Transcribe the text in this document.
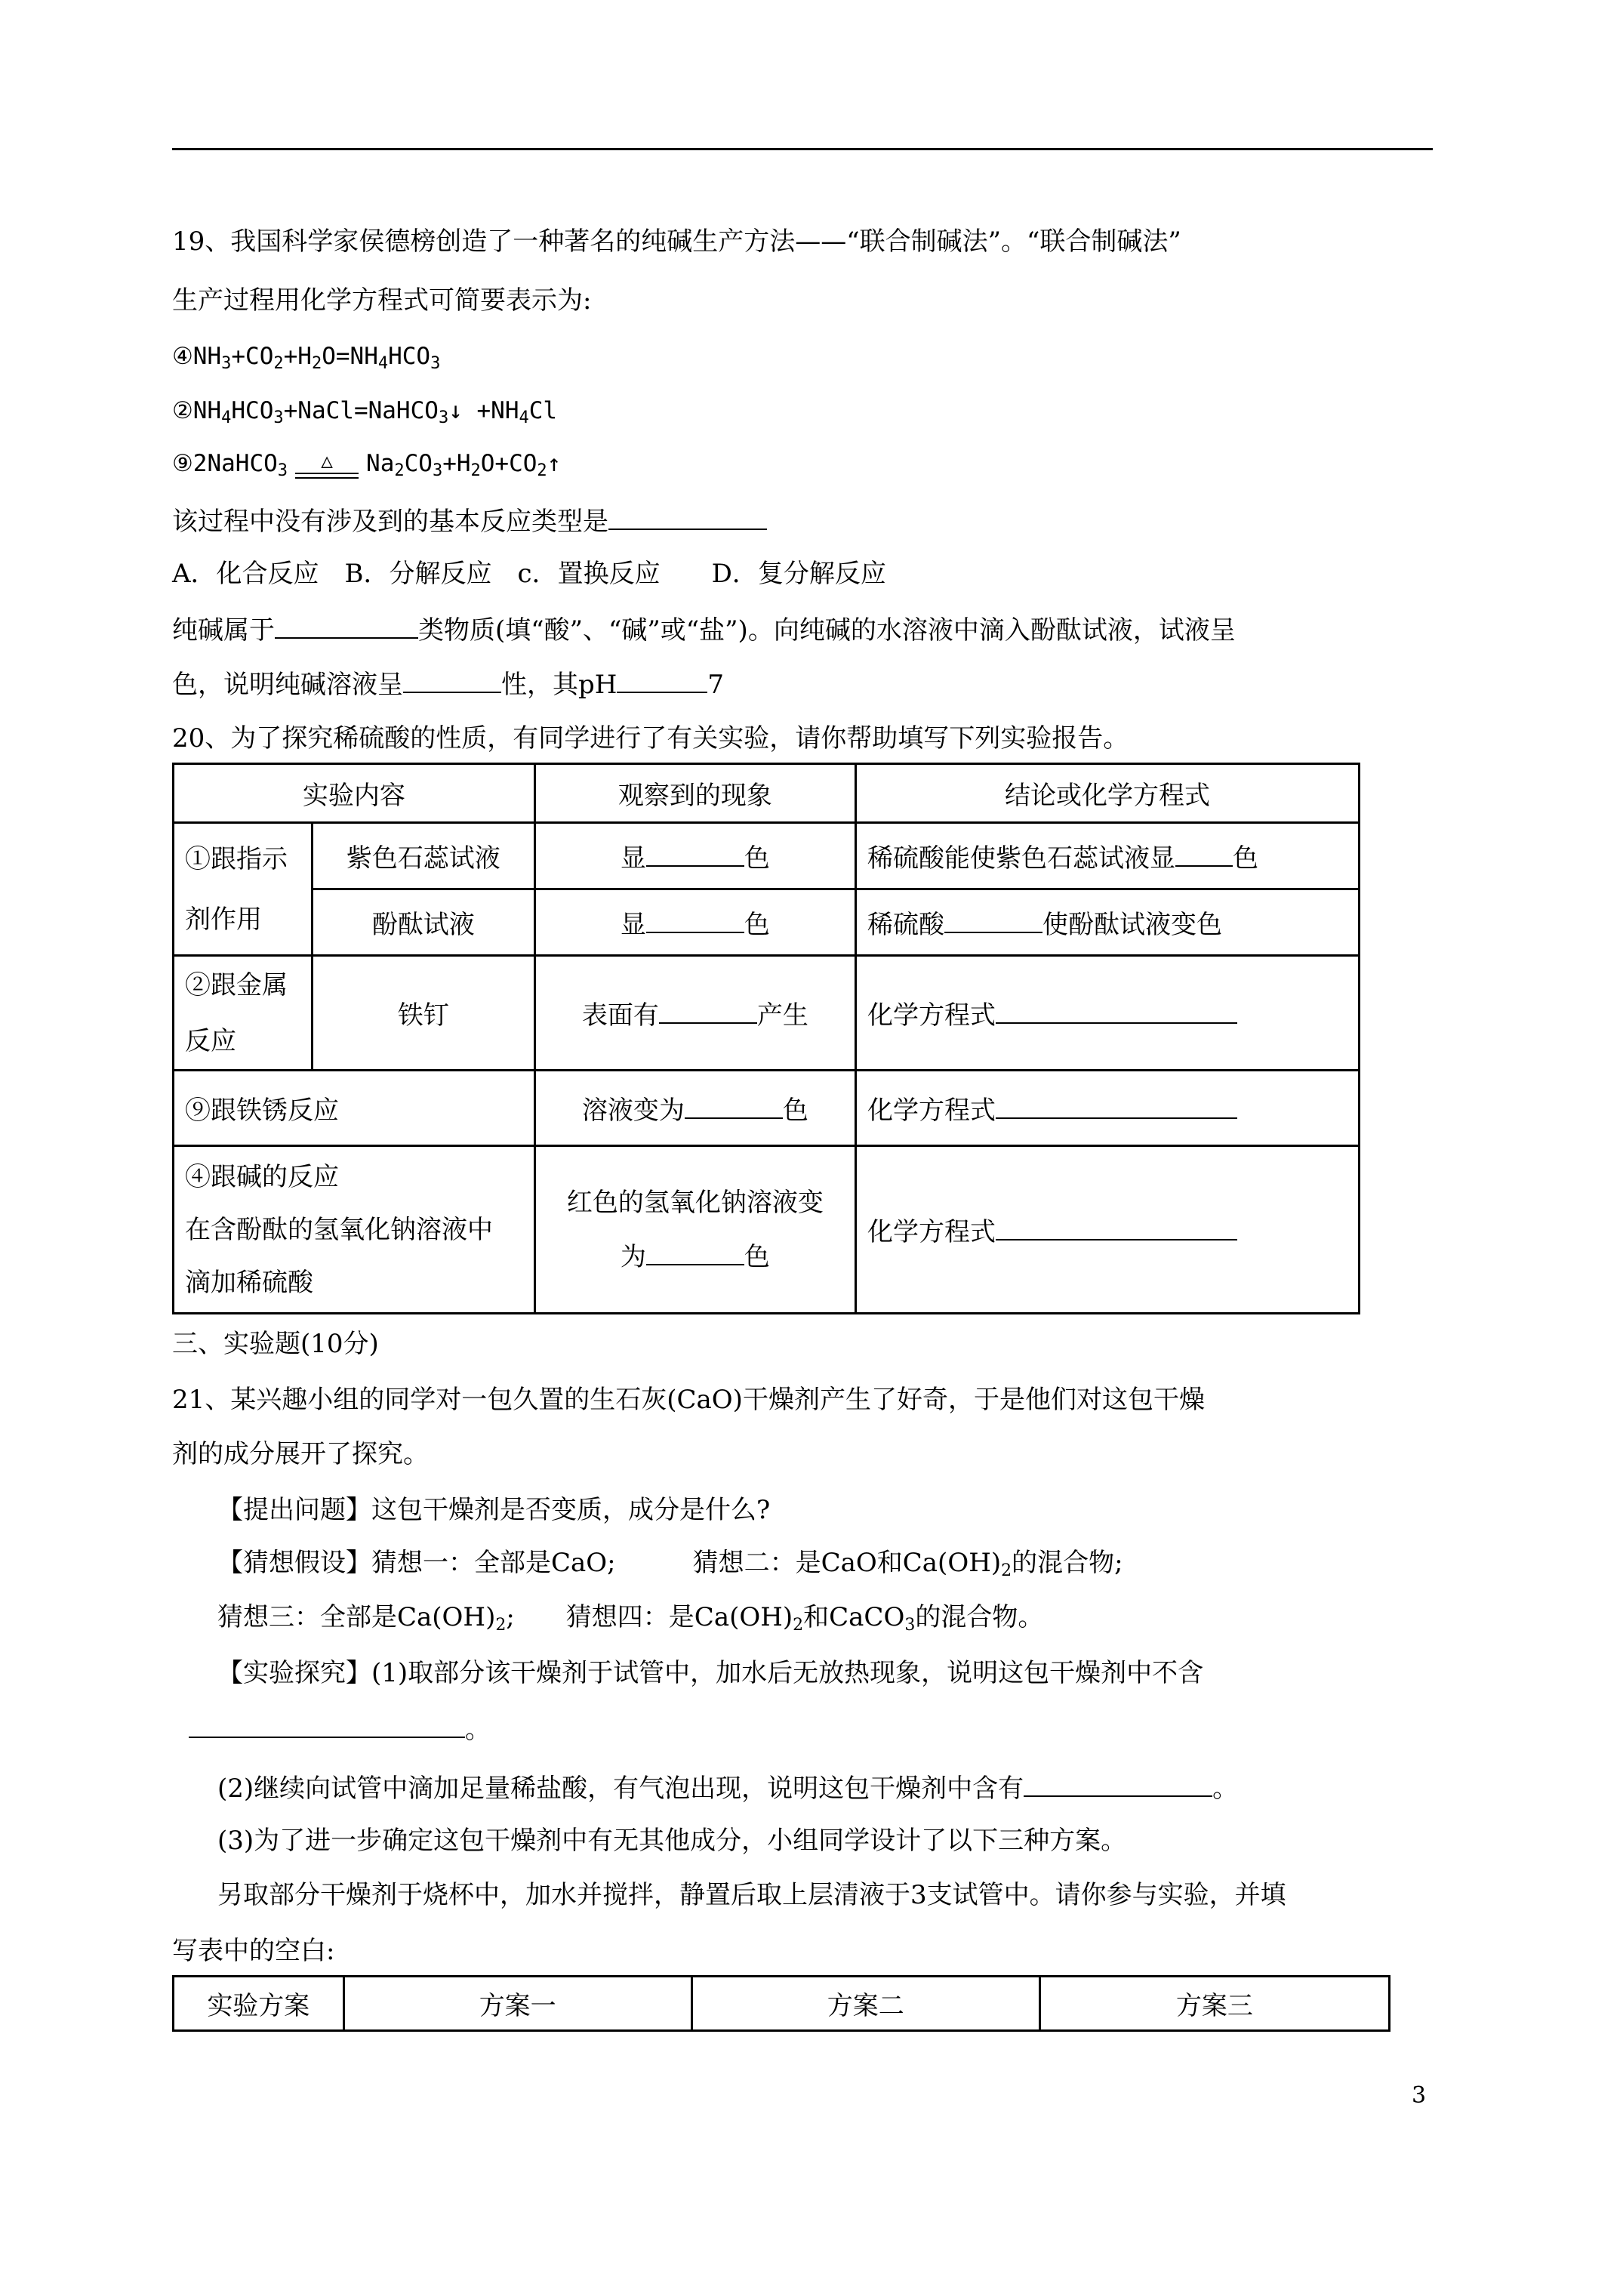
19、我国科学家侯德榜创造了一种著名的纯碱生产方法——“联合制碱法”。“联合制碱法”
生产过程用化学方程式可简要表示为:
$④NH_3+CO_2+H_2O=NH_4HCO_3$
$②NH_4HCO_3+NaCl=NaHCO_3↓ +NH_4Cl$
⑨2NaHCO$_3$	△	$Na_2CO_3+H_2O+CO_2↑$
该过程中没有涉及到的基本反应类型是
A．化合反应　B．分解反应　c．置换反应　　D．复分解反应
纯碱属于	类物质(填“酸”、“碱”或“盐”)。向纯碱的水溶液中滴入酚酞试液，试液呈
色，说明纯碱溶液呈	性，其pH	7
20、为了探究稀硫酸的性质，有同学进行了有关实验，请你帮助填写下列实验报告。
实验内容		观察到的现象	结论或化学方程式
①跟指示
剂作用	紫色石蕊试液	显 色	稀硫酸能使紫色石蕊试液显 色
	酚酞试液	显 色	稀硫酸 使酚酞试液变色
②跟金属
反应	铁钉	表面有 产生	化学方程式
⑨跟铁锈反应		溶液变为 色	化学方程式
④跟碱的反应
在含酚酞的氢氧化钠溶液中
滴加稀硫酸		红色的氢氧化钠溶液变
为 色	化学方程式
三、实验题(10分)
21、某兴趣小组的同学对一包久置的生石灰(CaO)干燥剂产生了好奇，于是他们对这包干燥
剂的成分展开了探究。
【提出问题】这包干燥剂是否变质，成分是什么?
【猜想假设】猜想一：全部是CaO;　　　猜想二：是CaO和$Ca(OH)_2$的混合物;
猜想三：全部是$Ca(OH)_2$;　　猜想四：是$Ca(OH)_2$和CaCO$_3$的混合物。
【实验探究】(1)取部分该干燥剂于试管中，加水后无放热现象，说明这包干燥剂中不含
。
(2)继续向试管中滴加足量稀盐酸，有气泡出现，说明这包干燥剂中含有	。
(3)为了进一步确定这包干燥剂中有无其他成分，小组同学设计了以下三种方案。
另取部分干燥剂于烧杯中，加水并搅拌，静置后取上层清液于3支试管中。请你参与实验，并填
写表中的空白:
实验方案	方案一	方案二	方案三
3
